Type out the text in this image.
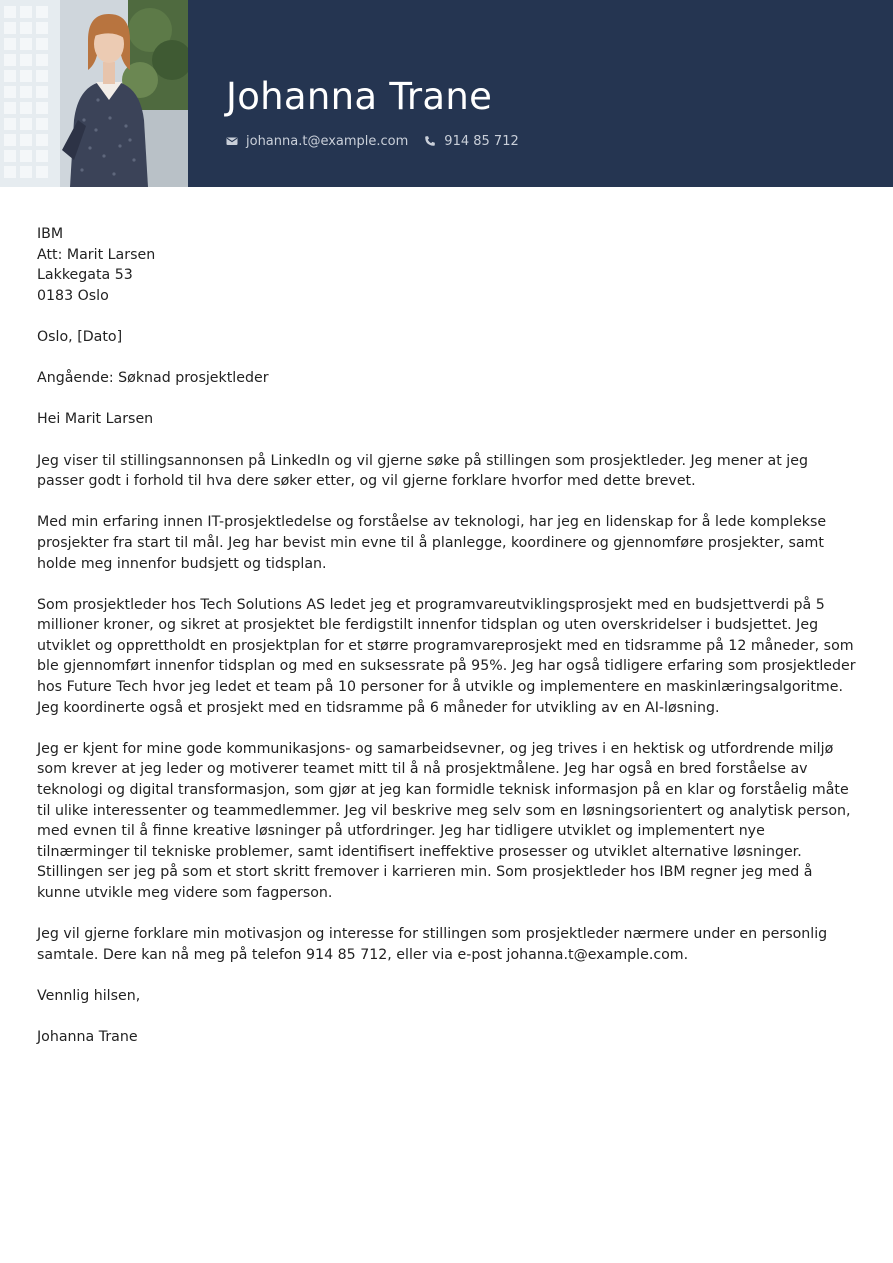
Johanna Trane
johanna.t@example.com	914 85 712

IBM
Att: Marit Larsen
Lakkegata 53
0183 Oslo

Oslo, [Dato]

Angående: Søknad prosjektleder

Hei Marit Larsen

Jeg viser til stillingsannonsen på LinkedIn og vil gjerne søke på stillingen som prosjektleder. Jeg mener at jeg passer godt i forhold til hva dere søker etter, og vil gjerne forklare hvorfor med dette brevet.

Med min erfaring innen IT-prosjektledelse og forståelse av teknologi, har jeg en lidenskap for å lede komplekse prosjekter fra start til mål. Jeg har bevist min evne til å planlegge, koordinere og gjennomføre prosjekter, samt holde meg innenfor budsjett og tidsplan.

Som prosjektleder hos Tech Solutions AS ledet jeg et programvareutviklingsprosjekt med en budsjettverdi på 5 millioner kroner, og sikret at prosjektet ble ferdigstilt innenfor tidsplan og uten overskridelser i budsjettet. Jeg utviklet og opprettholdt en prosjektplan for et større programvareprosjekt med en tidsramme på 12 måneder, som ble gjennomført innenfor tidsplan og med en suksessrate på 95%. Jeg har også tidligere erfaring som prosjektleder hos Future Tech hvor jeg ledet et team på 10 personer for å utvikle og implementere en maskinlæringsalgoritme. Jeg koordinerte også et prosjekt med en tidsramme på 6 måneder for utvikling av en AI-løsning.

Jeg er kjent for mine gode kommunikasjons- og samarbeidsevner, og jeg trives i en hektisk og utfordrende miljø som krever at jeg leder og motiverer teamet mitt til å nå prosjektmålene. Jeg har også en bred forståelse av teknologi og digital transformasjon, som gjør at jeg kan formidle teknisk informasjon på en klar og forståelig måte til ulike interessenter og teammedlemmer. Jeg vil beskrive meg selv som en løsningsorientert og analytisk person, med evnen til å finne kreative løsninger på utfordringer. Jeg har tidligere utviklet og implementert nye tilnærminger til tekniske problemer, samt identifisert ineffektive prosesser og utviklet alternative løsninger. Stillingen ser jeg på som et stort skritt fremover i karrieren min. Som prosjektleder hos IBM regner jeg med å kunne utvikle meg videre som fagperson.

Jeg vil gjerne forklare min motivasjon og interesse for stillingen som prosjektleder nærmere under en personlig samtale. Dere kan nå meg på telefon 914 85 712, eller via e-post johanna.t@example.com.

Vennlig hilsen,

Johanna Trane
